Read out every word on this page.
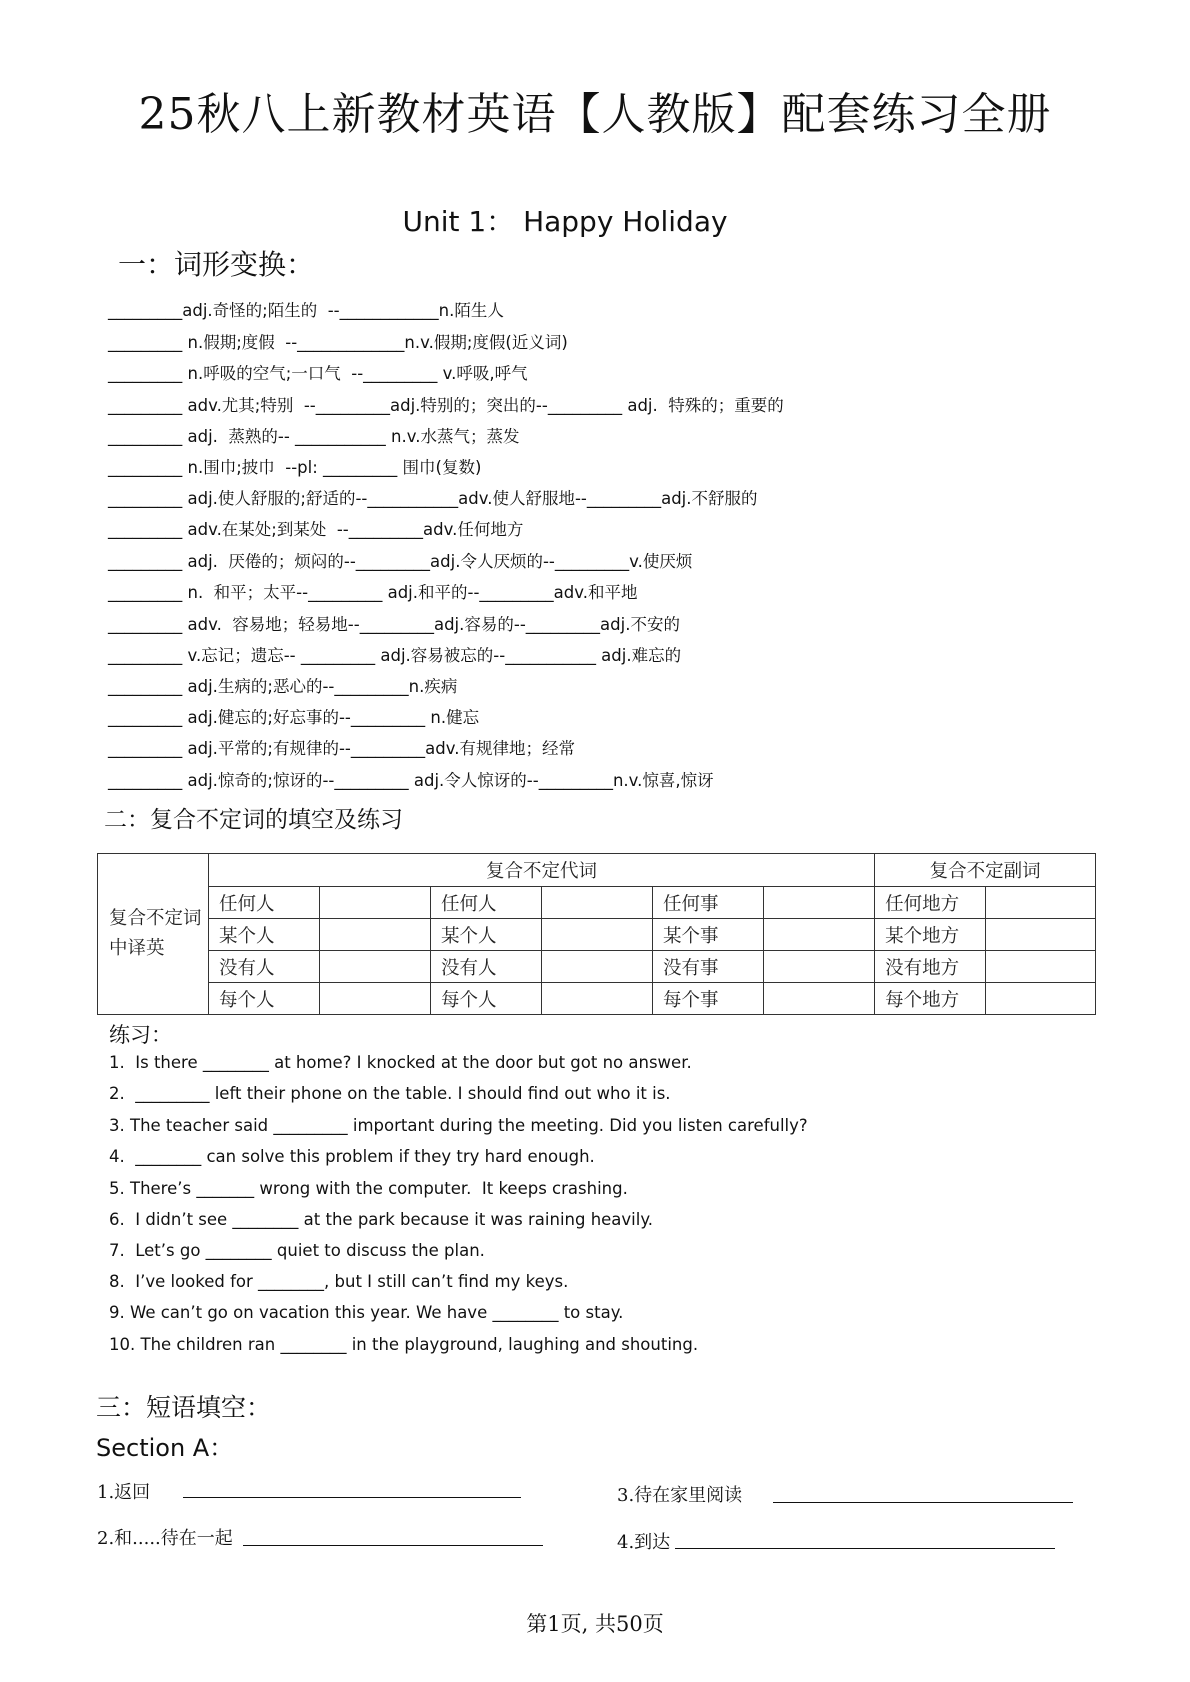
25秋八上新教材英语【人教版】配套练习全册
Unit 1： Happy Holiday
一：词形变换：
_________adj.奇怪的;陌生的  --____________n.陌生人
_________ n.假期;度假  --_____________n.v.假期;度假(近义词)
_________ n.呼吸的空气;一口气  --_________ v.呼吸,呼气
_________ adv.尤其;特别  --_________adj.特别的；突出的--_________ adj.  特殊的；重要的
_________ adj.  蒸熟的-- ___________ n.v.水蒸气；蒸发
_________ n.围巾;披巾  --pl: _________ 围巾(复数)
_________ adj.使人舒服的;舒适的--___________adv.使人舒服地--_________adj.不舒服的
_________ adv.在某处;到某处  --_________adv.任何地方
_________ adj.  厌倦的；烦闷的--_________adj.令人厌烦的--_________v.使厌烦
_________ n.  和平；太平--_________ adj.和平的--_________adv.和平地
_________ adv.  容易地；轻易地--_________adj.容易的--_________adj.不安的
_________ v.忘记；遗忘-- _________ adj.容易被忘的--___________ adj.难忘的
_________ adj.生病的;恶心的--_________n.疾病
_________ adj.健忘的;好忘事的--_________ n.健忘
_________ adj.平常的;有规律的--_________adv.有规律地；经常
_________ adj.惊奇的;惊讶的--_________ adj.令人惊讶的--_________n.v.惊喜,惊讶
二：复合不定词的填空及练习
复合不定词中译英	复合不定代词						复合不定副词	
	任何人		任何人		任何事		任何地方	
	某个人		某个人		某个事		某个地方	
	没有人		没有人		没有事		没有地方	
	每个人		每个人		每个事		每个地方	
练习：
1.  Is there ________ at home? I knocked at the door but got no answer.
2.  _________ left their phone on the table. I should find out who it is.
3. The teacher said _________ important during the meeting. Did you listen carefully?
4.  ________ can solve this problem if they try hard enough.
5. There’s _______ wrong with the computer.  It keeps crashing.
6.  I didn’t see ________ at the park because it was raining heavily.
7.  Let’s go ________ quiet to discuss the plan.
8.  I’ve looked for ________, but I still can’t find my keys.
9. We can’t go on vacation this year. We have ________ to stay.
10. The children ran ________ in the playground, laughing and shouting.
三：短语填空：
Section A：
1.返回	3.待在家里阅读
2.和.....待在一起	4.到达
第1页, 共50页
